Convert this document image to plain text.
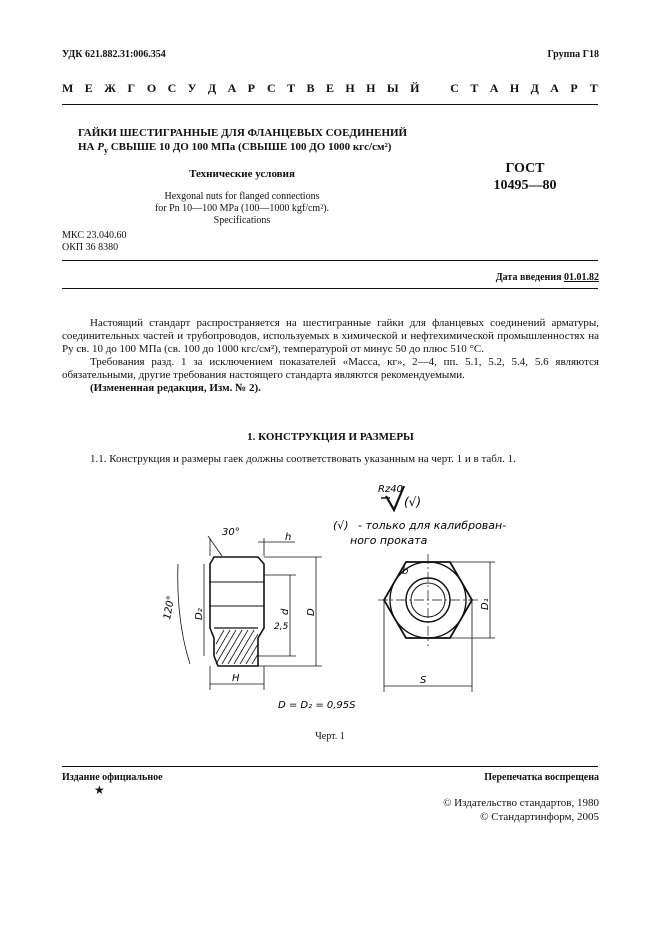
УДК 621.882.31:006.354	Группа Г18
М Е Ж Г О С У Д А Р С Т В Е Н Н Ы Й	С Т А Н Д А Р Т
ГАЙКИ ШЕСТИГРАННЫЕ ДЛЯ ФЛАНЦЕВЫХ СОЕДИНЕНИЙ
НА $P_у$ СВЫШЕ 10 ДО 100 МПа (СВЫШЕ 100 ДО 1000 кгс/см²)
Технические условия
Hexgonal nuts for flanged connections
for Pn 10—100 MPa (100—1000 kgf/cm²).
Specifications
ГОСТ
10495—80
МКС 23.040.60
ОКП 36 8380
Дата введения 01.01.82

Настоящий стандарт распространяется на шестигранные гайки для фланцевых соединений арматуры, соединительных частей и трубопроводов, используемых в химической и нефтехимической промышленностях на Pу св. 10 до 100 МПа (св. 100 до 1000 кгс/см²), температурой от минус 50 до плюс 510 °С.

Требования разд. 1 за исключением показателей «Масса, кг», 2—4, пп. 5.1, 5.2, 5.4, 5.6 являются обязательными, другие требования настоящего стандарта являются рекомендуемыми.

(Измененная редакция, Изм. № 2).

1. КОНСТРУКЦИЯ И РАЗМЕРЫ
1.1. Конструкция и размеры гаек должны соответствовать указанным на черт. 1 и в табл. 1.
Rz40
(√)
(√) - только для калиброван-
ного проката
30°	h
120° D₂	d D
2,5
H
b
D₁
S
D = D₂ = 0,95S
Черт. 1
Издание официальное
★
Перепечатка воспрещена
© Издательство стандартов, 1980
© Стандартинформ, 2005
